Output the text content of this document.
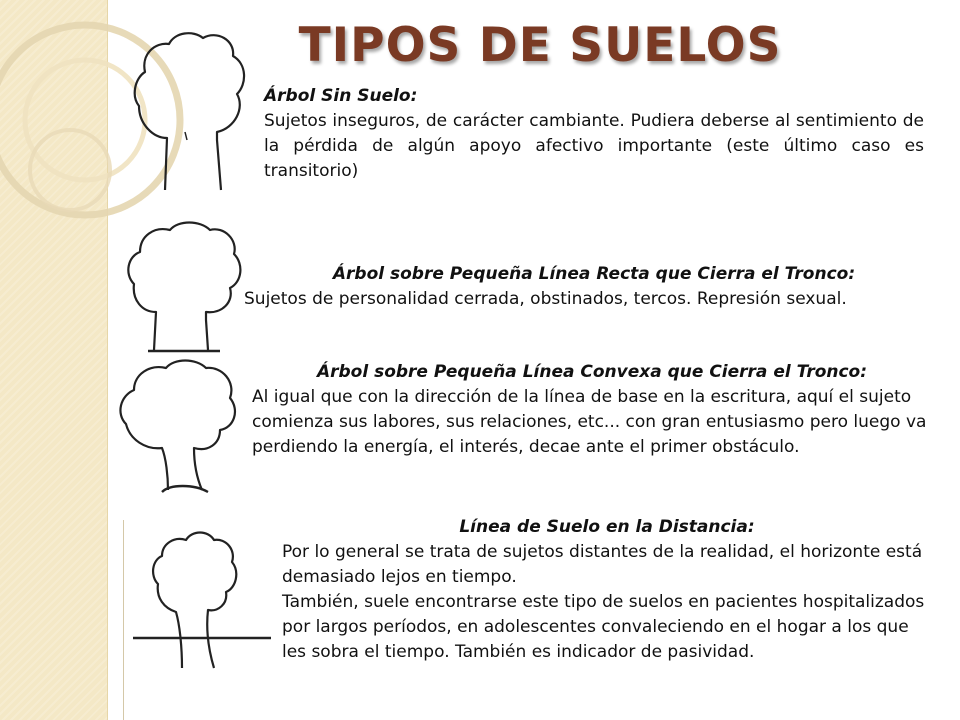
TIPOS DE SUELOS
Árbol Sin Suelo:
Sujetos inseguros, de carácter cambiante. Pudiera deberse al sentimiento de la pérdida de algún apoyo afectivo importante (este último caso es transitorio)
Árbol sobre Pequeña Línea Recta que Cierra el Tronco:
Sujetos de personalidad cerrada, obstinados, tercos. Represión sexual.
Árbol sobre Pequeña Línea Convexa que Cierra el Tronco:
Al igual que con la dirección de la línea de base en la escritura, aquí el sujeto comienza sus labores, sus relaciones, etc... con gran entusiasmo pero luego va perdiendo la energía, el interés, decae ante el primer obstáculo.
Línea de Suelo en la Distancia:
Por lo general se trata de sujetos distantes de la realidad, el horizonte está demasiado lejos en tiempo.
También, suele encontrarse este tipo de suelos en pacientes hospitalizados por largos períodos, en adolescentes convaleciendo en el hogar a los que les sobra el tiempo. También es indicador de pasividad.
